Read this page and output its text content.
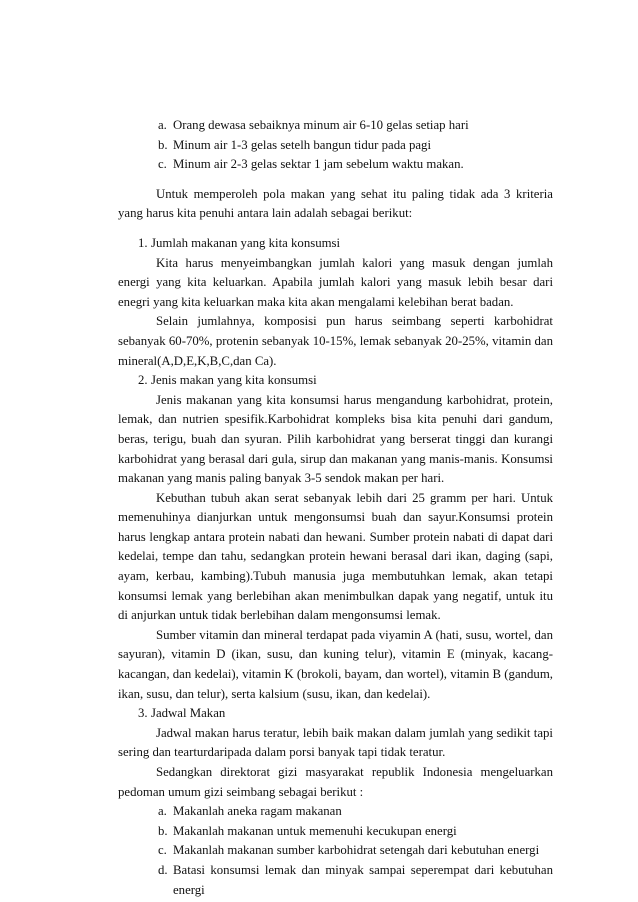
a. Orang dewasa sebaiknya minum air 6-10 gelas setiap hari
b. Minum air 1-3 gelas setelh bangun tidur pada pagi
c. Minum air 2-3 gelas sektar 1 jam sebelum waktu makan.

Untuk memperoleh pola makan yang sehat itu paling tidak ada 3 kriteria yang harus kita penuhi antara lain adalah sebagai berikut:

1. Jumlah makanan yang kita konsumsi

Kita harus menyeimbangkan jumlah kalori yang masuk dengan jumlah energi yang kita keluarkan. Apabila jumlah kalori yang masuk lebih besar dari enegri yang kita keluarkan maka kita akan mengalami kelebihan berat badan.

Selain jumlahnya, komposisi pun harus seimbang seperti karbohidrat sebanyak 60-70%, protenin sebanyak 10-15%, lemak sebanyak 20-25%, vitamin dan mineral(A,D,E,K,B,C,dan Ca).

2. Jenis makan yang kita konsumsi

Jenis makanan yang kita konsumsi harus mengandung karbohidrat, protein, lemak, dan nutrien spesifik.Karbohidrat kompleks bisa kita penuhi dari gandum, beras, terigu, buah dan syuran. Pilih karbohidrat yang berserat tinggi dan kurangi karbohidrat yang berasal dari gula, sirup dan makanan yang manis-manis. Konsumsi makanan yang manis paling banyak 3-5 sendok makan per hari.

Kebuthan tubuh akan serat sebanyak lebih dari 25 gramm per hari. Untuk memenuhinya dianjurkan untuk mengonsumsi buah dan sayur.Konsumsi protein harus lengkap antara protein nabati dan hewani. Sumber protein nabati di dapat dari kedelai, tempe dan tahu, sedangkan protein hewani berasal dari ikan, daging (sapi, ayam, kerbau, kambing).Tubuh manusia juga membutuhkan lemak, akan tetapi konsumsi lemak yang berlebihan akan menimbulkan dapak yang negatif, untuk itu di anjurkan untuk tidak berlebihan dalam mengonsumsi lemak.

Sumber vitamin dan mineral terdapat pada viyamin A (hati, susu, wortel, dan sayuran), vitamin D (ikan, susu, dan kuning telur), vitamin E (minyak, kacang-kacangan, dan kedelai), vitamin K (brokoli, bayam, dan wortel), vitamin B (gandum, ikan, susu, dan telur), serta kalsium (susu, ikan, dan kedelai).

3. Jadwal Makan

Jadwal makan harus teratur, lebih baik makan dalam jumlah yang sedikit tapi sering dan tearturdaripada dalam porsi banyak tapi tidak teratur.

Sedangkan direktorat gizi masyarakat republik Indonesia mengeluarkan pedoman umum gizi seimbang sebagai berikut :

a. Makanlah aneka ragam makanan
b. Makanlah makanan untuk memenuhi kecukupan energi
c. Makanlah makanan sumber karbohidrat setengah dari kebutuhan energi
d. Batasi konsumsi lemak dan minyak sampai seperempat dari kebutuhan energi
